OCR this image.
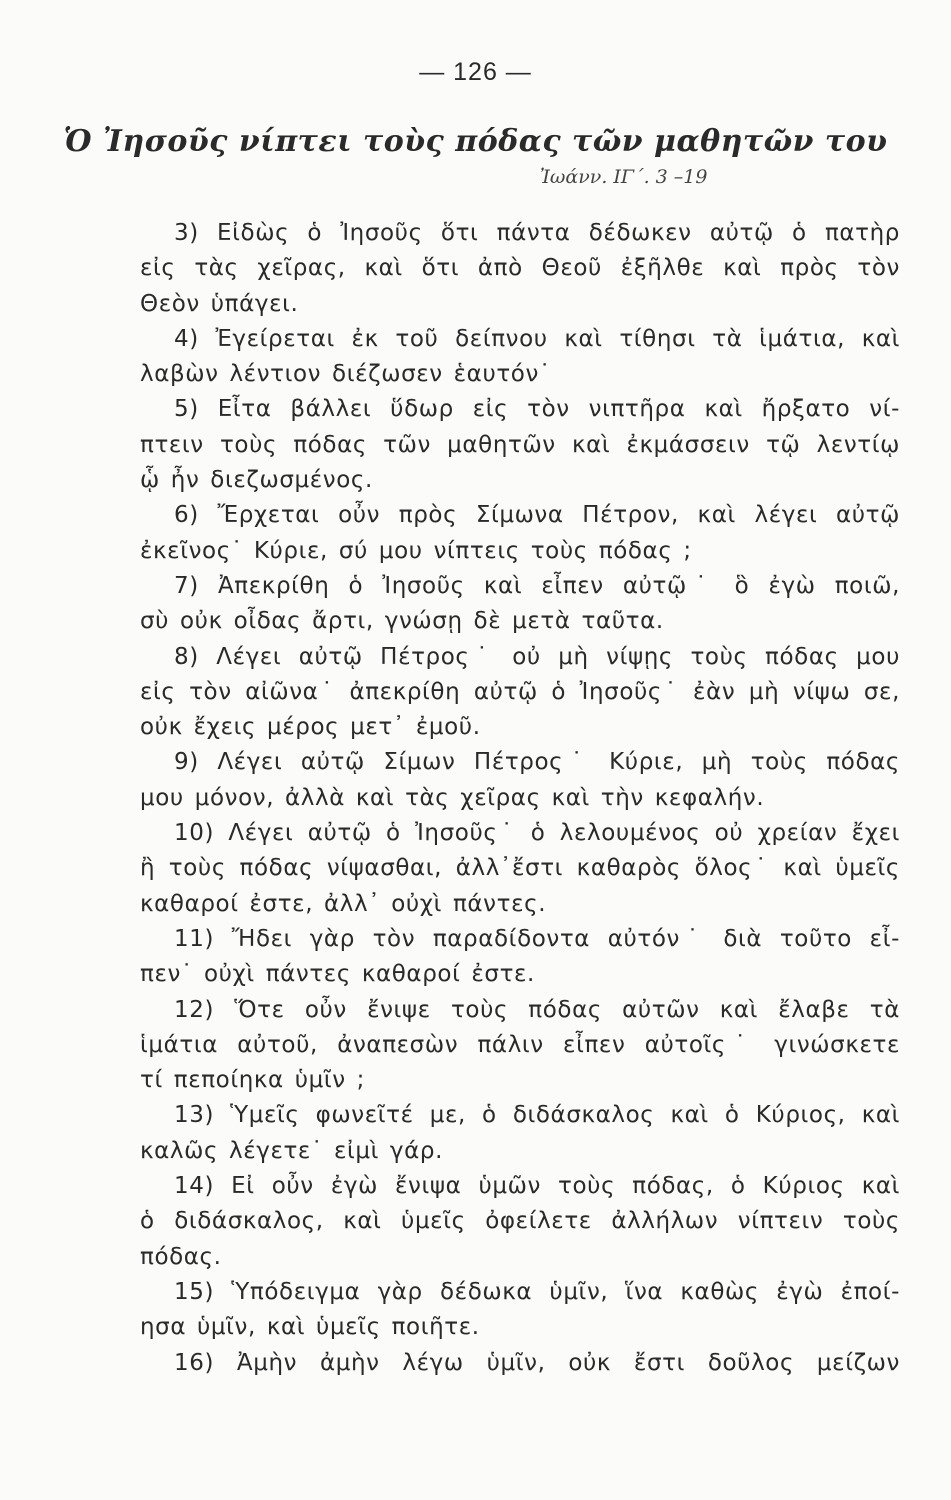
— 126 —
Ὁ Ἰησοῦς νίπτει τοὺς πόδας τῶν μαθητῶν του
Ἰωάνν. ΙΓ΄. 3 –19
3) Εἰδὼς ὁ Ἰησοῦς ὅτι πάντα δέδωκεν αὐτῷ ὁ πατὴρ
εἰς τὰς χεῖρας, καὶ ὅτι ἀπὸ Θεοῦ ἐξῆλθε καὶ πρὸς τὸν
Θεὸν ὑπάγει.
4) Ἐγείρεται ἐκ τοῦ δείπνου καὶ τίθησι τὰ ἱμάτια, καὶ
λαβὼν λέντιον διέζωσεν ἑαυτόν˙
5) Εἶτα βάλλει ὕδωρ εἰς τὸν νιπτῆρα καὶ ἤρξατο νί-
πτειν τοὺς πόδας τῶν μαθητῶν καὶ ἐκμάσσειν τῷ λεντίῳ
ᾧ ἦν διεζωσμένος.
6) Ἔρχεται οὖν πρὸς Σίμωνα Πέτρον, καὶ λέγει αὐτῷ
ἐκεῖνος˙ Κύριε, σύ μου νίπτεις τοὺς πόδας ;
7) Ἀπεκρίθη ὁ Ἰησοῦς καὶ εἶπεν αὐτῷ˙ ὃ ἐγὼ ποιῶ,
σὺ οὐκ οἶδας ἄρτι, γνώσῃ δὲ μετὰ ταῦτα.
8) Λέγει αὐτῷ Πέτρος˙ οὐ μὴ νίψῃς τοὺς πόδας μου
εἰς τὸν αἰῶνα˙ ἀπεκρίθη αὐτῷ ὁ Ἰησοῦς˙ ἐὰν μὴ νίψω σε,
οὐκ ἔχεις μέρος μετ᾿ ἐμοῦ.
9) Λέγει αὐτῷ Σίμων Πέτρος˙ Κύριε, μὴ τοὺς πόδας
μου μόνον, ἀλλὰ καὶ τὰς χεῖρας καὶ τὴν κεφαλήν.
10) Λέγει αὐτῷ ὁ Ἰησοῦς˙ ὁ λελουμένος οὐ χρείαν ἔχει
ἢ τοὺς πόδας νίψασθαι, ἀλλ᾿ἔστι καθαρὸς ὅλος˙ καὶ ὑμεῖς
καθαροί ἐστε, ἀλλ᾿ οὐχὶ πάντες.
11) Ἤδει γὰρ τὸν παραδίδοντα αὐτόν˙ διὰ τοῦτο εἶ-
πεν˙ οὐχὶ πάντες καθαροί ἐστε.
12) Ὅτε οὖν ἔνιψε τοὺς πόδας αὐτῶν καὶ ἔλαβε τὰ
ἱμάτια αὐτοῦ, ἀναπεσὼν πάλιν εἶπεν αὐτοῖς˙ γινώσκετε
τί πεποίηκα ὑμῖν ;
13) Ὑμεῖς φωνεῖτέ με, ὁ διδάσκαλος καὶ ὁ Κύριος, καὶ
καλῶς λέγετε˙ εἰμὶ γάρ.
14) Εἰ οὖν ἐγὼ ἔνιψα ὑμῶν τοὺς πόδας, ὁ Κύριος καὶ
ὁ διδάσκαλος, καὶ ὑμεῖς ὀφείλετε ἀλλήλων νίπτειν τοὺς
πόδας.
15) Ὑπόδειγμα γὰρ δέδωκα ὑμῖν, ἵνα καθὼς ἐγὼ ἐποί-
ησα ὑμῖν, καὶ ὑμεῖς ποιῆτε.
16) Ἀμὴν ἀμὴν λέγω ὑμῖν, οὐκ ἔστι δοῦλος μείζων
